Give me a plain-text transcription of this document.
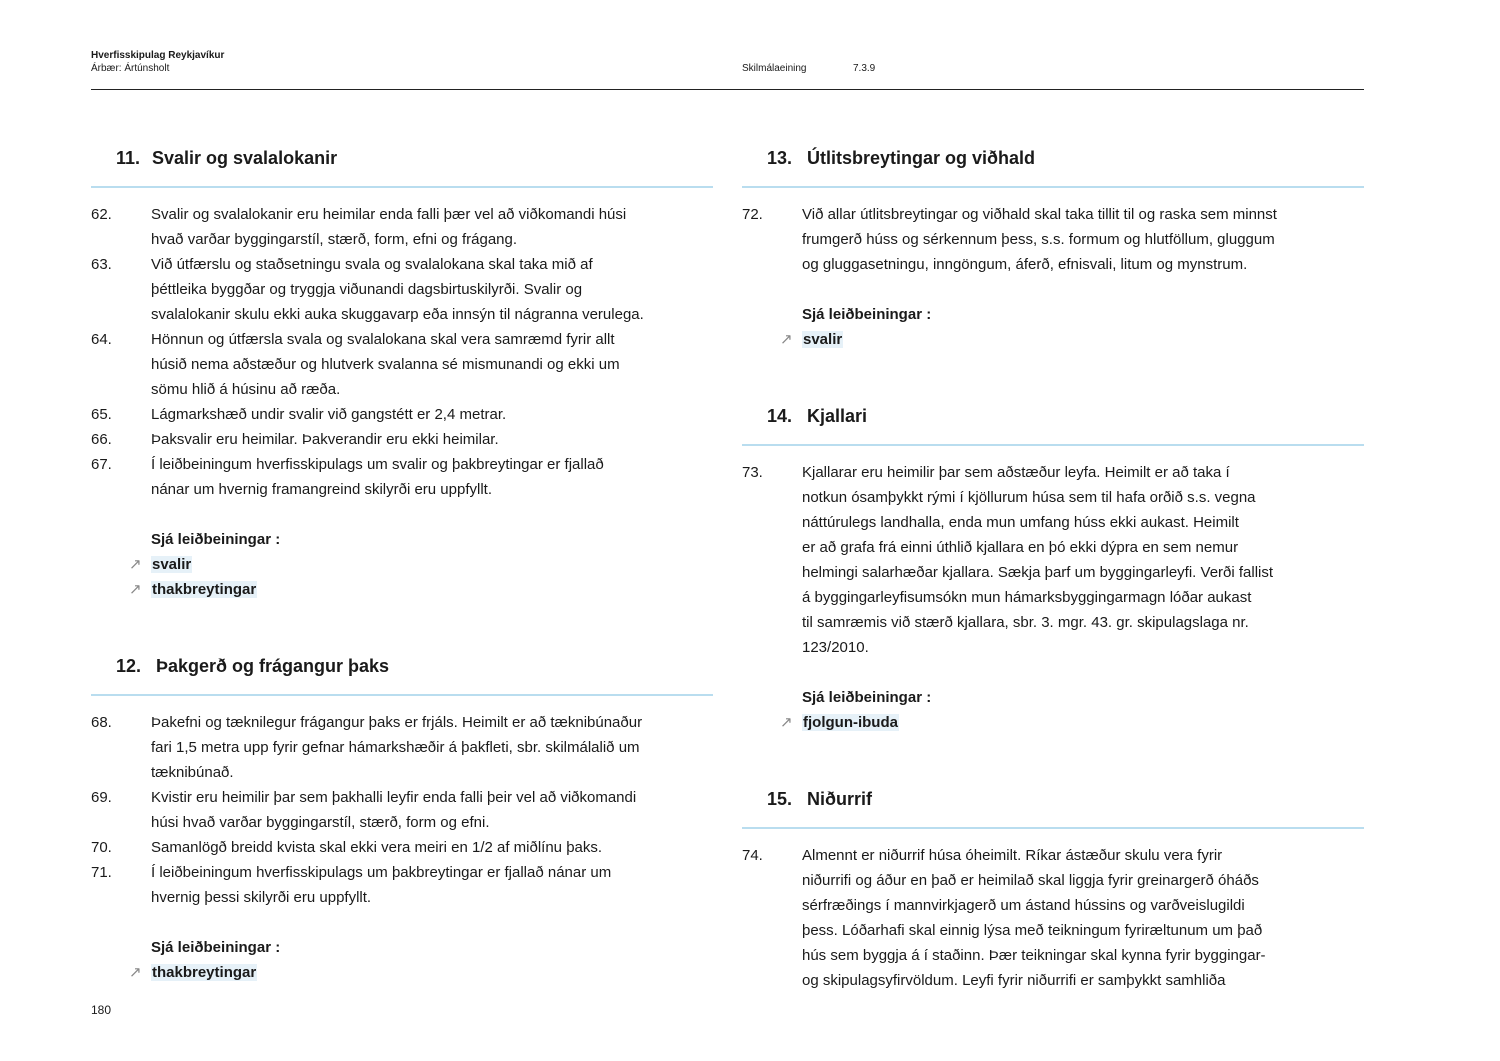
Hverfisskipulag Reykjavíkur
Árbær: Ártúnsholt	Skilmálaeining	7.3.9
11. Svalir og svalalokanir
62.	Svalir og svalalokanir eru heimilar enda falli þær vel að viðkomandi húsi
hvað varðar byggingarstíl, stærð, form, efni og frágang.
63.	Við útfærslu og staðsetningu svala og svalalokana skal taka mið af
þéttleika byggðar og tryggja viðunandi dagsbirtuskilyrði. Svalir og
svalalokanir skulu ekki auka skuggavarp eða innsýn til nágranna verulega.
64.	Hönnun og útfærsla svala og svalalokana skal vera samræmd fyrir allt
húsið nema aðstæður og hlutverk svalanna sé mismunandi og ekki um
sömu hlið á húsinu að ræða.
65.	Lágmarkshæð undir svalir við gangstétt er 2,4 metrar.
66.	Þaksvalir eru heimilar. Þakverandir eru ekki heimilar.
67.	Í leiðbeiningum hverfisskipulags um svalir og þakbreytingar er fjallað
nánar um hvernig framangreind skilyrði eru uppfyllt.
Sjá leiðbeiningar :
↗ svalir
↗ thakbreytingar
12. Þakgerð og frágangur þaks
68.	Þakefni og tæknilegur frágangur þaks er frjáls. Heimilt er að tæknibúnaður
fari 1,5 metra upp fyrir gefnar hámarkshæðir á þakfleti, sbr. skilmálalið um
tæknibúnað.
69.	Kvistir eru heimilir þar sem þakhalli leyfir enda falli þeir vel að viðkomandi
húsi hvað varðar byggingarstíl, stærð, form og efni.
70.	Samanlögð breidd kvista skal ekki vera meiri en 1/2 af miðlínu þaks.
71.	Í leiðbeiningum hverfisskipulags um þakbreytingar er fjallað nánar um
hvernig þessi skilyrði eru uppfyllt.
Sjá leiðbeiningar :
↗ thakbreytingar
13. Útlitsbreytingar og viðhald
72.	Við allar útlitsbreytingar og viðhald skal taka tillit til og raska sem minnst
frumgerð húss og sérkennum þess, s.s. formum og hlutföllum, gluggum
og gluggasetningu, inngöngum, áferð, efnisvali, litum og mynstrum.
Sjá leiðbeiningar :
↗ svalir
14. Kjallari
73.	Kjallarar eru heimilir þar sem aðstæður leyfa. Heimilt er að taka í
notkun ósamþykkt rými í kjöllurum húsa sem til hafa orðið s.s. vegna
náttúrulegs landhalla, enda mun umfang húss ekki aukast. Heimilt
er að grafa frá einni úthlið kjallara en þó ekki dýpra en sem nemur
helmingi salarhæðar kjallara. Sækja þarf um byggingarleyfi. Verði fallist
á byggingarleyfisumsókn mun hámarksbyggingarmagn lóðar aukast
til samræmis við stærð kjallara, sbr. 3. mgr. 43. gr. skipulagslaga nr.
123/2010.
Sjá leiðbeiningar :
↗ fjolgun-ibuda
15. Niðurrif
74.	Almennt er niðurrif húsa óheimilt. Ríkar ástæður skulu vera fyrir
niðurrifi og áður en það er heimilað skal liggja fyrir greinargerð óháðs
sérfræðings í mannvirkjagerð um ástand hússins og varðveislugildi
þess. Lóðarhafi skal einnig lýsa með teikningum fyriræltunum um það
hús sem byggja á í staðinn. Þær teikningar skal kynna fyrir byggingar-
og skipulagsyfirvöldum. Leyfi fyrir niðurrifi er samþykkt samhliða
180
